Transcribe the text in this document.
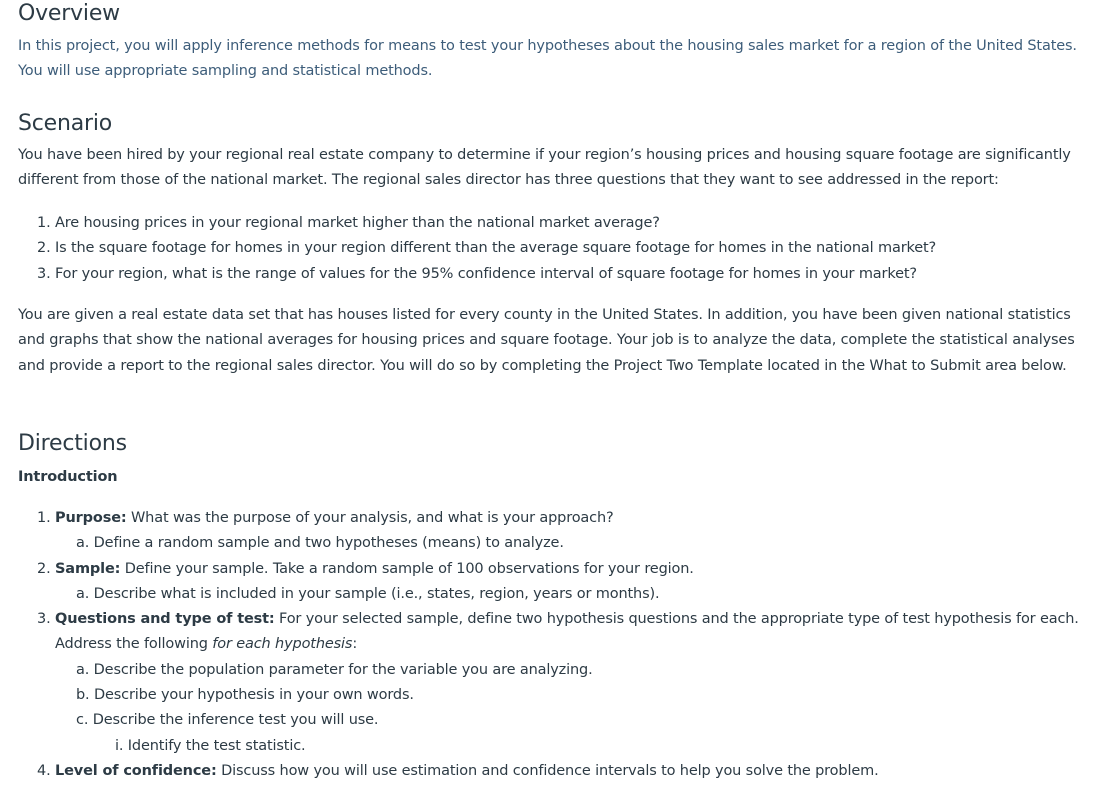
Overview

In this project, you will apply inference methods for means to test your hypotheses about the housing sales market for a region of the United States. You will use appropriate sampling and statistical methods.

Scenario

You have been hired by your regional real estate company to determine if your region’s housing prices and housing square footage are significantly different from those of the national market. The regional sales director has three questions that they want to see addressed in the report:

1. Are housing prices in your regional market higher than the national market average?
2. Is the square footage for homes in your region different than the average square footage for homes in the national market?
3. For your region, what is the range of values for the 95% confidence interval of square footage for homes in your market?

You are given a real estate data set that has houses listed for every county in the United States. In addition, you have been given national statistics and graphs that show the national averages for housing prices and square footage. Your job is to analyze the data, complete the statistical analyses and provide a report to the regional sales director. You will do so by completing the Project Two Template located in the What to Submit area below.

Directions
Introduction
1. Purpose: What was the purpose of your analysis, and what is your approach?
a. Define a random sample and two hypotheses (means) to analyze.
2. Sample: Define your sample. Take a random sample of 100 observations for your region.
a. Describe what is included in your sample (i.e., states, region, years or months).
3. Questions and type of test: For your selected sample, define two hypothesis questions and the appropriate type of test hypothesis for each.
Address the following for each hypothesis:
a. Describe the population parameter for the variable you are analyzing.
b. Describe your hypothesis in your own words.
c. Describe the inference test you will use.
i. Identify the test statistic.
4. Level of confidence: Discuss how you will use estimation and confidence intervals to help you solve the problem.
